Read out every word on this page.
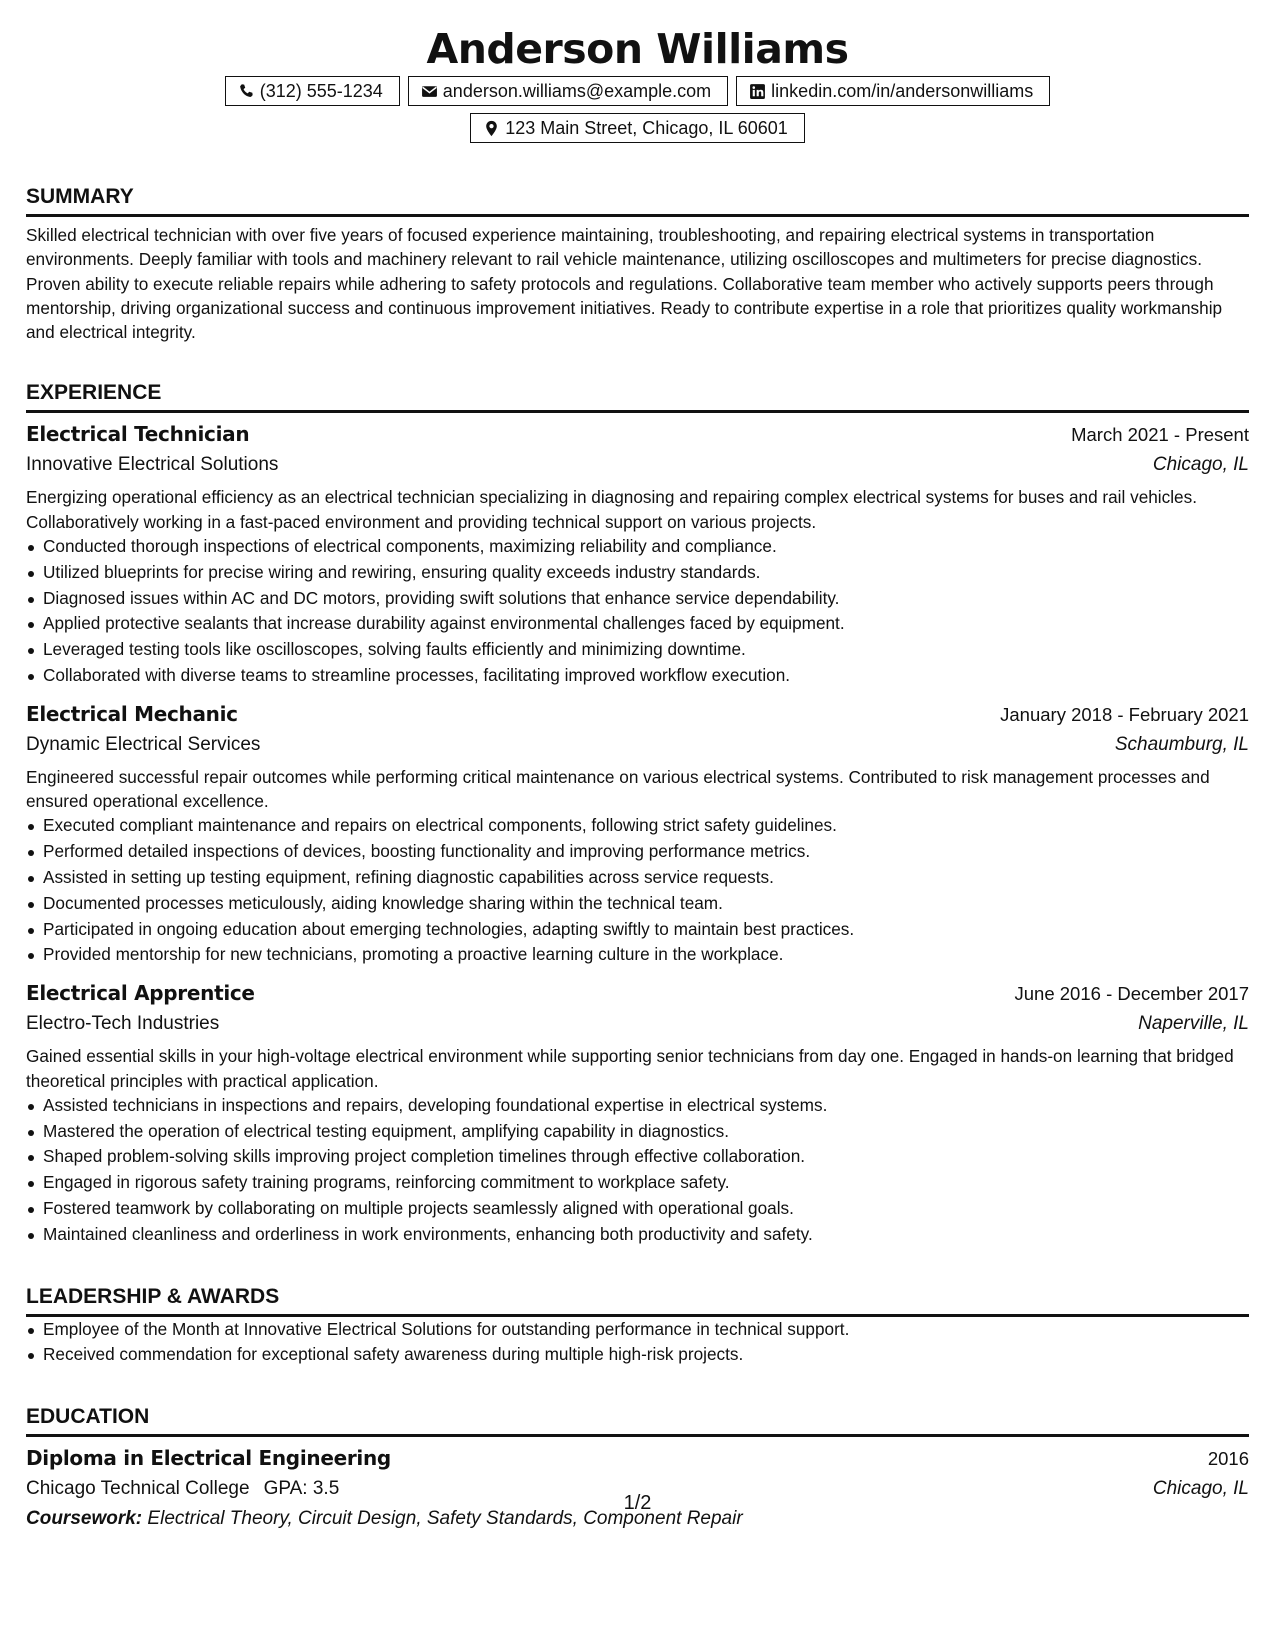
Anderson Williams
(312) 555-1234	anderson.williams@example.com	linkedin.com/in/andersonwilliams
123 Main Street, Chicago, IL 60601
SUMMARY
Skilled electrical technician with over five years of focused experience maintaining, troubleshooting, and repairing electrical systems in transportation environments. Deeply familiar with tools and machinery relevant to rail vehicle maintenance, utilizing oscilloscopes and multimeters for precise diagnostics. Proven ability to execute reliable repairs while adhering to safety protocols and regulations. Collaborative team member who actively supports peers through mentorship, driving organizational success and continuous improvement initiatives. Ready to contribute expertise in a role that prioritizes quality workmanship and electrical integrity.
EXPERIENCE
Electrical Technician	March 2021 - Present
Innovative Electrical Solutions	Chicago, IL
Energizing operational efficiency as an electrical technician specializing in diagnosing and repairing complex electrical systems for buses and rail vehicles. Collaboratively working in a fast-paced environment and providing technical support on various projects.
Conducted thorough inspections of electrical components, maximizing reliability and compliance.
Utilized blueprints for precise wiring and rewiring, ensuring quality exceeds industry standards.
Diagnosed issues within AC and DC motors, providing swift solutions that enhance service dependability.
Applied protective sealants that increase durability against environmental challenges faced by equipment.
Leveraged testing tools like oscilloscopes, solving faults efficiently and minimizing downtime.
Collaborated with diverse teams to streamline processes, facilitating improved workflow execution.
Electrical Mechanic	January 2018 - February 2021
Dynamic Electrical Services	Schaumburg, IL
Engineered successful repair outcomes while performing critical maintenance on various electrical systems. Contributed to risk management processes and ensured operational excellence.
Executed compliant maintenance and repairs on electrical components, following strict safety guidelines.
Performed detailed inspections of devices, boosting functionality and improving performance metrics.
Assisted in setting up testing equipment, refining diagnostic capabilities across service requests.
Documented processes meticulously, aiding knowledge sharing within the technical team.
Participated in ongoing education about emerging technologies, adapting swiftly to maintain best practices.
Provided mentorship for new technicians, promoting a proactive learning culture in the workplace.
Electrical Apprentice	June 2016 - December 2017
Electro-Tech Industries	Naperville, IL
Gained essential skills in your high-voltage electrical environment while supporting senior technicians from day one. Engaged in hands-on learning that bridged theoretical principles with practical application.
Assisted technicians in inspections and repairs, developing foundational expertise in electrical systems.
Mastered the operation of electrical testing equipment, amplifying capability in diagnostics.
Shaped problem-solving skills improving project completion timelines through effective collaboration.
Engaged in rigorous safety training programs, reinforcing commitment to workplace safety.
Fostered teamwork by collaborating on multiple projects seamlessly aligned with operational goals.
Maintained cleanliness and orderliness in work environments, enhancing both productivity and safety.
LEADERSHIP & AWARDS
Employee of the Month at Innovative Electrical Solutions for outstanding performance in technical support.
Received commendation for exceptional safety awareness during multiple high-risk projects.
EDUCATION
Diploma in Electrical Engineering	2016
Chicago Technical College GPA: 3.5	Chicago, IL
Coursework: Electrical Theory, Circuit Design, Safety Standards, Component Repair
1/2
